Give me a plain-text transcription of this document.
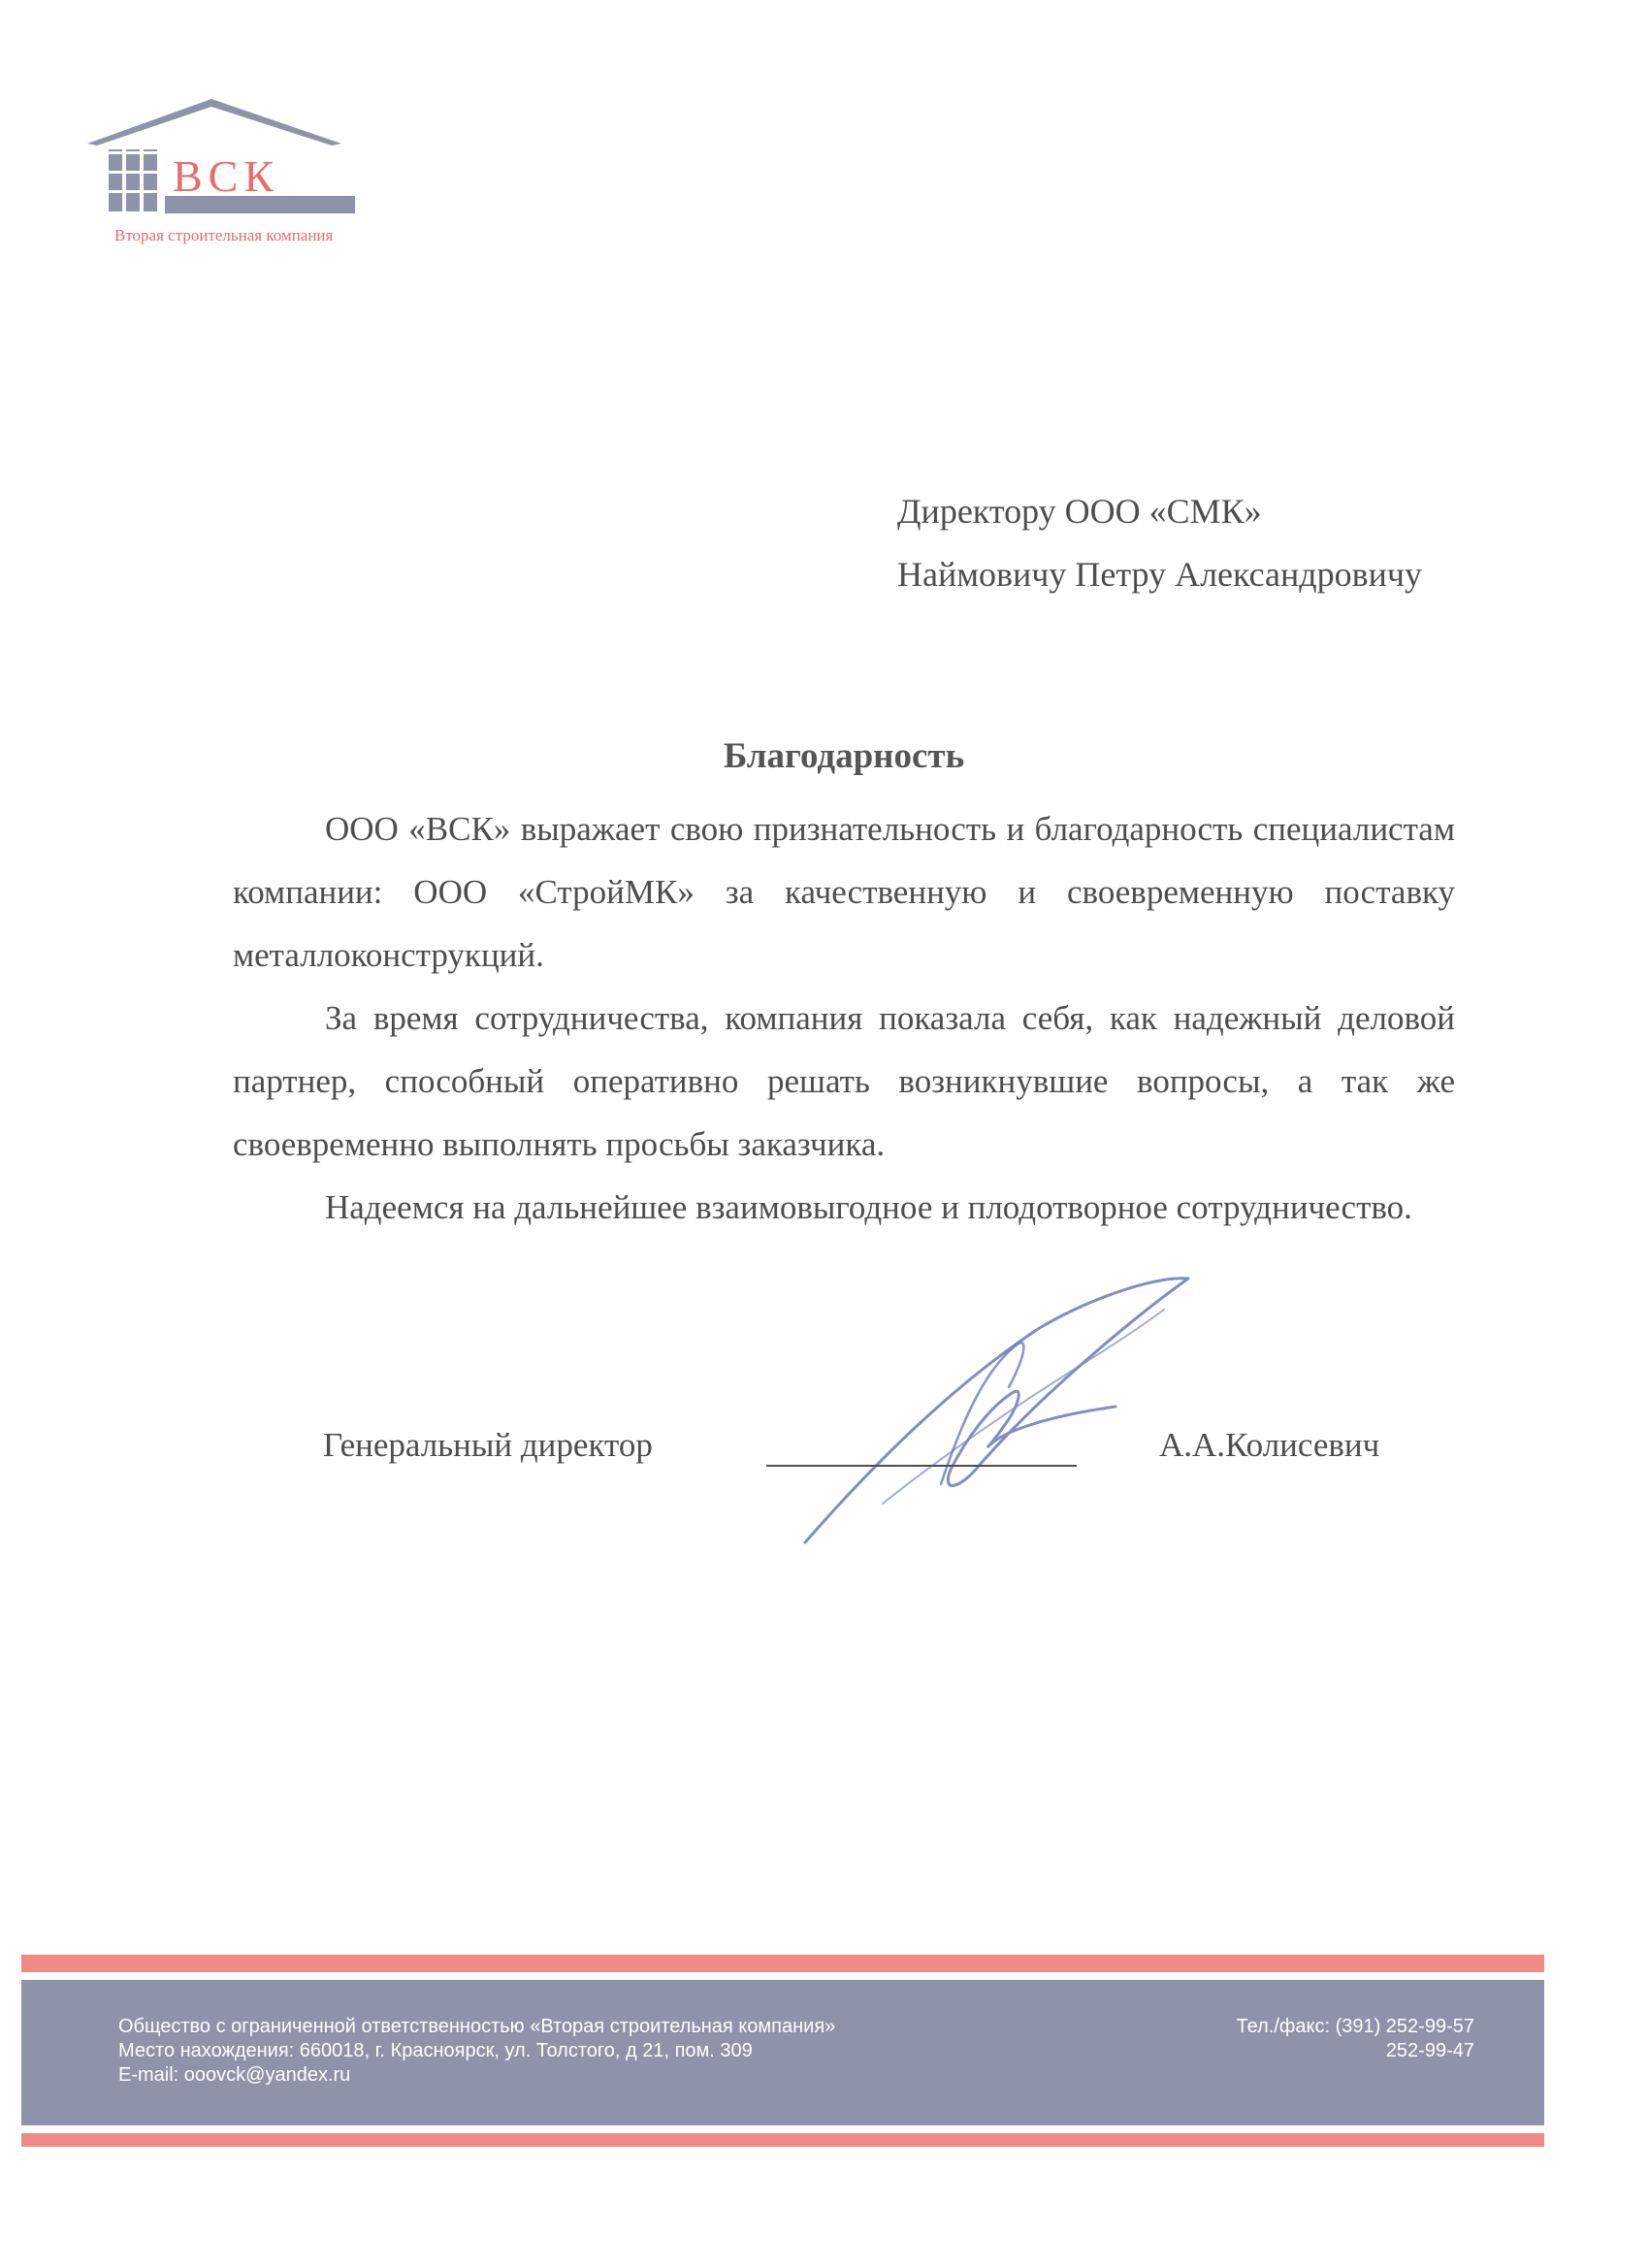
ВСК
Вторая строительная компания
Директору ООО «СМК»
Наймовичу Петру Александровичу
Благодарность

ООО «ВСК» выражает свою признательность и благодарность специалистам компании: ООО «СтройМК» за качественную и своевременную поставку металлоконструкций.

За время сотрудничества, компания показала себя, как надежный деловой партнер, способный оперативно решать возникнувшие вопросы, а так же своевременно выполнять просьбы заказчика.

Надеемся на дальнейшее взаимовыгодное и плодотворное сотрудничество.

Генеральный директор	А.А.Колисевич
Общество с ограниченной ответственностью «Вторая строительная компания»
Место нахождения: 660018, г. Красноярск, ул. Толстого, д 21, пом. 309
E-mail: ooovck@yandex.ru
Тел./факс: (391) 252-99-57
252-99-47
